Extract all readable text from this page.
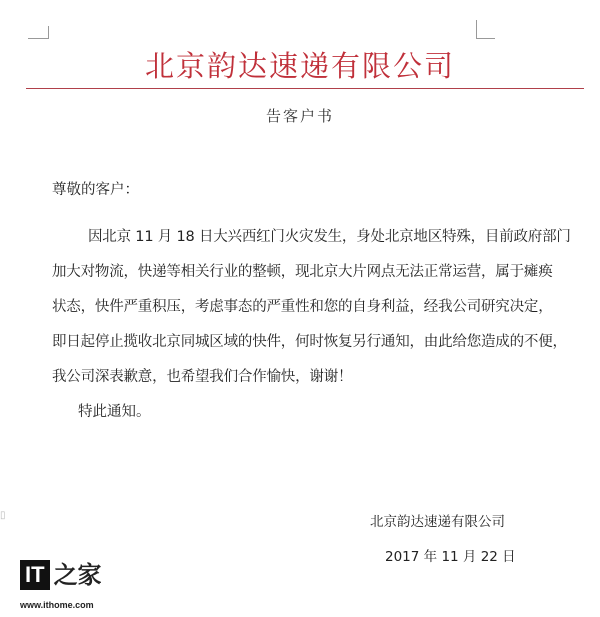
北京韵达速递有限公司
告客户书
尊敬的客户：
因北京 11 月 18 日大兴西红门火灾发生，身处北京地区特殊，目前政府部门
加大对物流，快递等相关行业的整顿，现北京大片网点无法正常运营，属于瘫痪
状态，快件严重积压，考虑事态的严重性和您的自身利益，经我公司研究决定，
即日起停止揽收北京同城区域的快件，何时恢复另行通知，由此给您造成的不便，
我公司深表歉意，也希望我们合作愉快，谢谢！
特此通知。
▯	北京韵达速递有限公司
2017 年 11 月 22 日
IT 之家
www.ithome.com
